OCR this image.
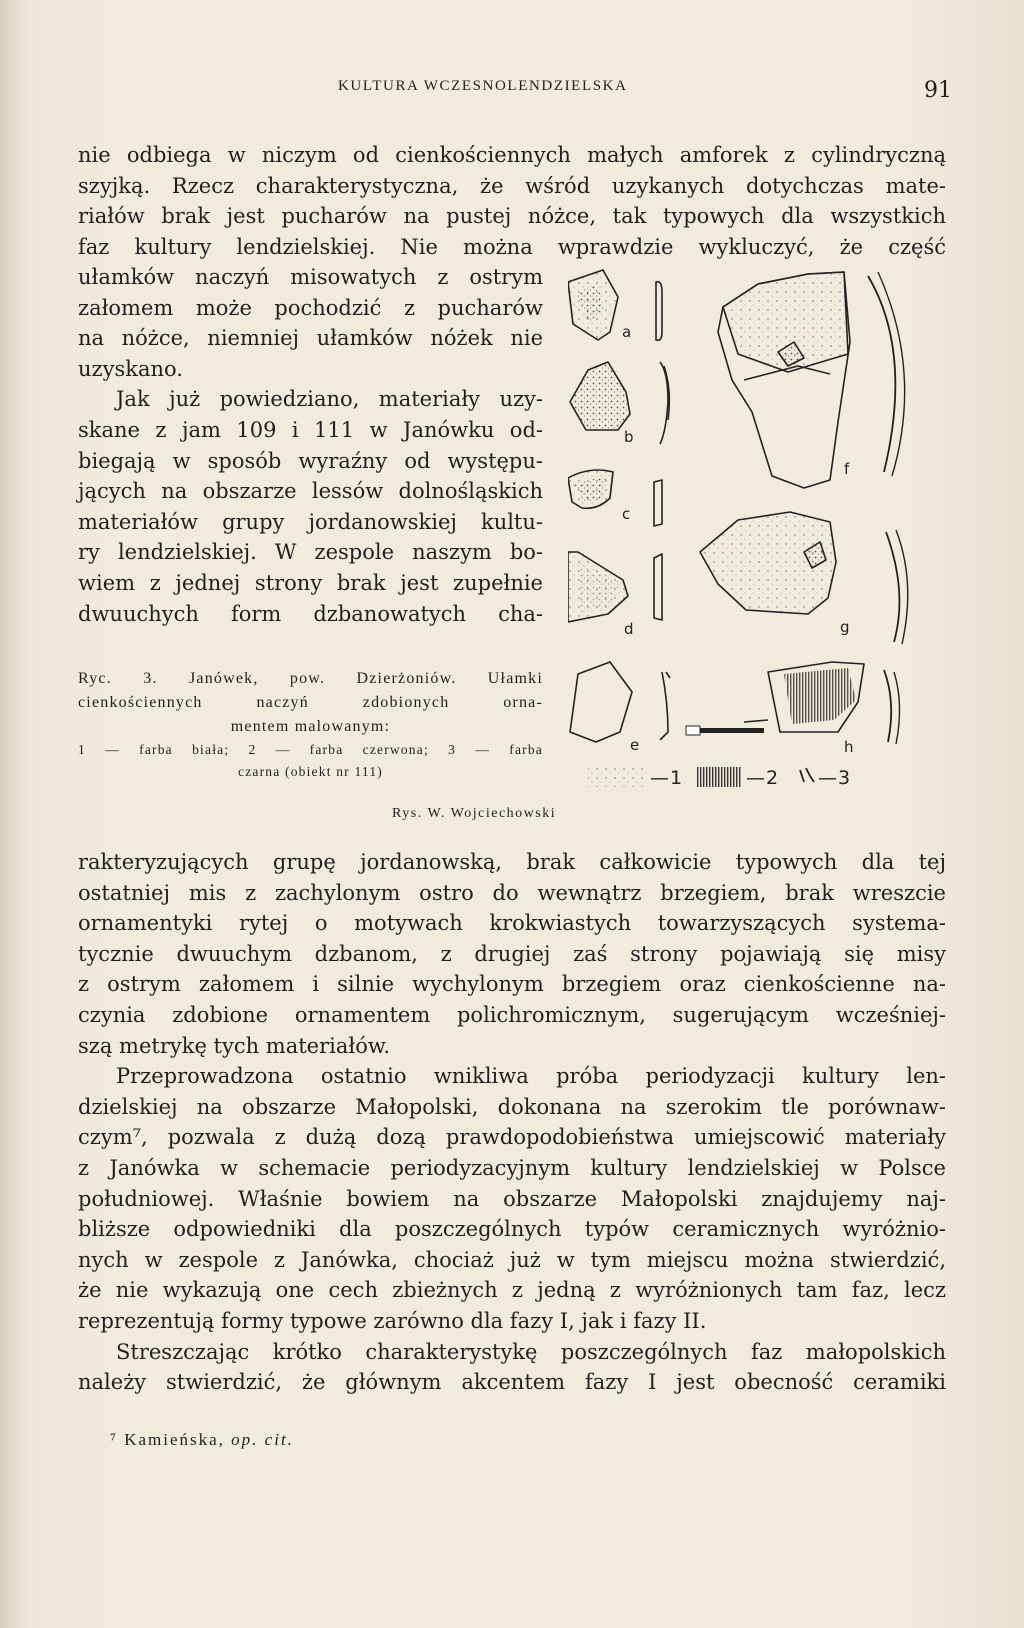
KULTURA WCZESNOLENDZIELSKA	91
nie odbiega w niczym od cienkościennych małych amforek z cylindryczną
szyjką. Rzecz charakterystyczna, że wśród uzykanych dotychczas mate-
riałów brak jest pucharów na pustej nóżce, tak typowych dla wszystkich
faz kultury lendzielskiej. Nie można wprawdzie wykluczyć, że część
ułamków naczyń misowatych z ostrym
załomem może pochodzić z pucharów
na nóżce, niemniej ułamków nóżek nie
uzyskano.
Jak już powiedziano, materiały uzy-
skane z jam 109 i 111 w Janówku od-
biegają w sposób wyraźny od występu-
jących na obszarze lessów dolnośląskich
materiałów grupy jordanowskiej kultu-
ry lendzielskiej. W zespole naszym bo-
wiem z jednej strony brak jest zupełnie
dwuuchych form dzbanowatych cha-
Ryc. 3. Janówek, pow. Dzierżoniów. Ułamki
cienkościennych naczyń zdobionych orna-
mentem malowanym:
1 — farba biała; 2 — farba czerwona; 3 — farba
czarna (obiekt nr 111)
Rys. W. Wojciechowski
a
b
c
d
e
f
g
h
— 1	— 2 — 3
rakteryzujących grupę jordanowską, brak całkowicie typowych dla tej
ostatniej mis z zachylonym ostro do wewnątrz brzegiem, brak wreszcie
ornamentyki rytej o motywach krokwiastych towarzyszących systema-
tycznie dwuuchym dzbanom, z drugiej zaś strony pojawiają się misy
z ostrym załomem i silnie wychylonym brzegiem oraz cienkościenne na-
czynia zdobione ornamentem polichromicznym, sugerującym wcześniej-
szą metrykę tych materiałów.
Przeprowadzona ostatnio wnikliwa próba periodyzacji kultury len-
dzielskiej na obszarze Małopolski, dokonana na szerokim tle porównaw-
czym⁷, pozwala z dużą dozą prawdopodobieństwa umiejscowić materiały
z Janówka w schemacie periodyzacyjnym kultury lendzielskiej w Polsce
południowej. Właśnie bowiem na obszarze Małopolski znajdujemy naj-
bliższe odpowiedniki dla poszczególnych typów ceramicznych wyróżnio-
nych w zespole z Janówka, chociaż już w tym miejscu można stwierdzić,
że nie wykazują one cech zbieżnych z jedną z wyróżnionych tam faz, lecz
reprezentują formy typowe zarówno dla fazy I, jak i fazy II.
Streszczając krótko charakterystykę poszczególnych faz małopolskich
należy stwierdzić, że głównym akcentem fazy I jest obecność ceramiki
⁷ Kamieńska, op. cit.
